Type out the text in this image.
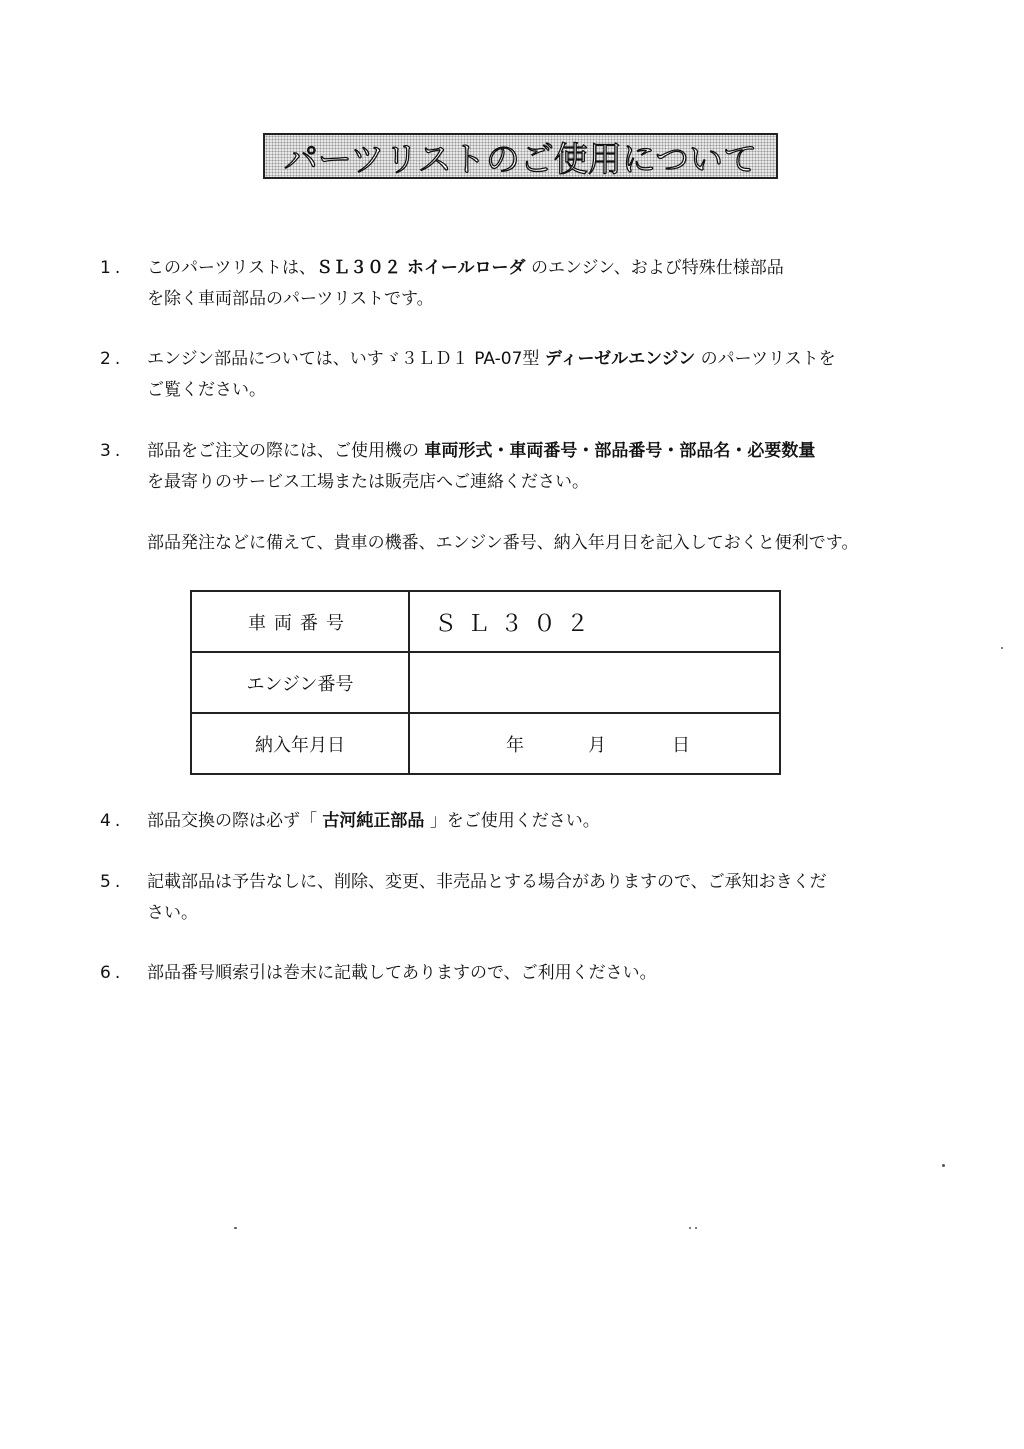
パーツリストのご使用について
1.	このパーツリストは、ＳＬ３０２ ホイールローダ のエンジン、および特殊仕様部品
を除く車両部品のパーツリストです。
2.	エンジン部品については、いすゞ３ＬＤ１ PA-07型 ディーゼルエンジン のパーツリストを
ご覧ください。
3.	部品をご注文の際には、ご使用機の 車両形式・車両番号・部品番号・部品名・必要数量
を最寄りのサービス工場または販売店へご連絡ください。
部品発注などに備えて、貴車の機番、エンジン番号、納入年月日を記入しておくと便利です。
車両番号	ＳＬ３０２
エンジン番号	
納入年月日	年 月 日
4.	部品交換の際は必ず「 古河純正部品 」をご使用ください。
5.	記載部品は予告なしに、削除、変更、非売品とする場合がありますので、ご承知おきくだ
さい。
6.	部品番号順索引は巻末に記載してありますので、ご利用ください。
